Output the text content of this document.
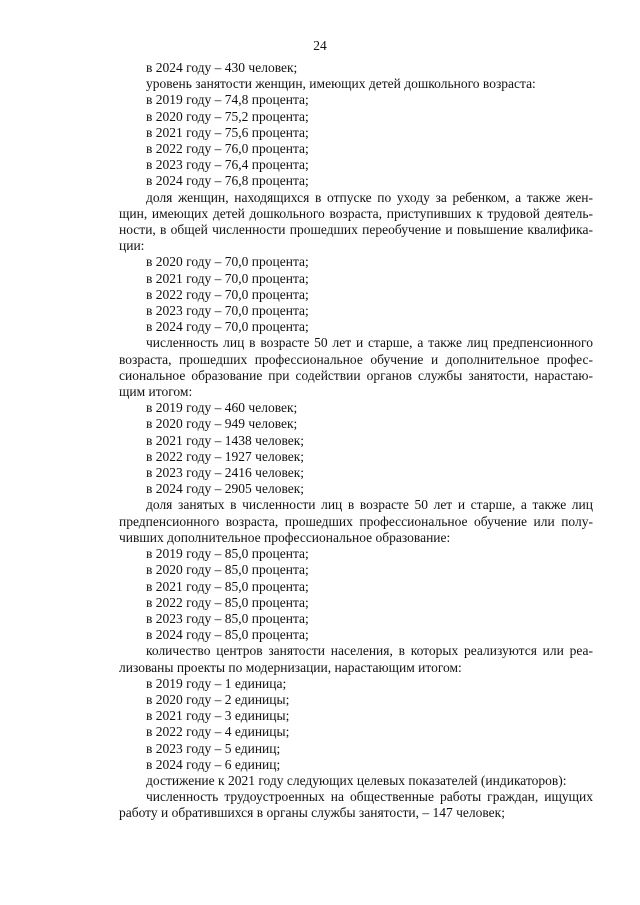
24
в 2024 году – 430 человек;
уровень занятости женщин, имеющих детей дошкольного возраста:
в 2019 году – 74,8 процента;
в 2020 году – 75,2 процента;
в 2021 году – 75,6 процента;
в 2022 году – 76,0 процента;
в 2023 году – 76,4 процента;
в 2024 году – 76,8 процента;
доля женщин, находящихся в отпуске по уходу за ребенком, а также жен-
щин, имеющих детей дошкольного возраста, приступивших к трудовой деятель-
ности, в общей численности прошедших переобучение и повышение квалифика-
ции:
в 2020 году – 70,0 процента;
в 2021 году – 70,0 процента;
в 2022 году – 70,0 процента;
в 2023 году – 70,0 процента;
в 2024 году – 70,0 процента;
численность лиц в возрасте 50 лет и старше, а также лиц предпенсионного
возраста, прошедших профессиональное обучение и дополнительное профес-
сиональное образование при содействии органов службы занятости, нарастаю-
щим итогом:
в 2019 году – 460 человек;
в 2020 году – 949 человек;
в 2021 году – 1438 человек;
в 2022 году – 1927 человек;
в 2023 году – 2416 человек;
в 2024 году – 2905 человек;
доля занятых в численности лиц в возрасте 50 лет и старше, а также лиц
предпенсионного возраста, прошедших профессиональное обучение или полу-
чивших дополнительное профессиональное образование:
в 2019 году – 85,0 процента;
в 2020 году – 85,0 процента;
в 2021 году – 85,0 процента;
в 2022 году – 85,0 процента;
в 2023 году – 85,0 процента;
в 2024 году – 85,0 процента;
количество центров занятости населения, в которых реализуются или реа-
лизованы проекты по модернизации, нарастающим итогом:
в 2019 году – 1 единица;
в 2020 году – 2 единицы;
в 2021 году – 3 единицы;
в 2022 году – 4 единицы;
в 2023 году – 5 единиц;
в 2024 году – 6 единиц;
достижение к 2021 году следующих целевых показателей (индикаторов):
численность трудоустроенных на общественные работы граждан, ищущих
работу и обратившихся в органы службы занятости, – 147 человек;
